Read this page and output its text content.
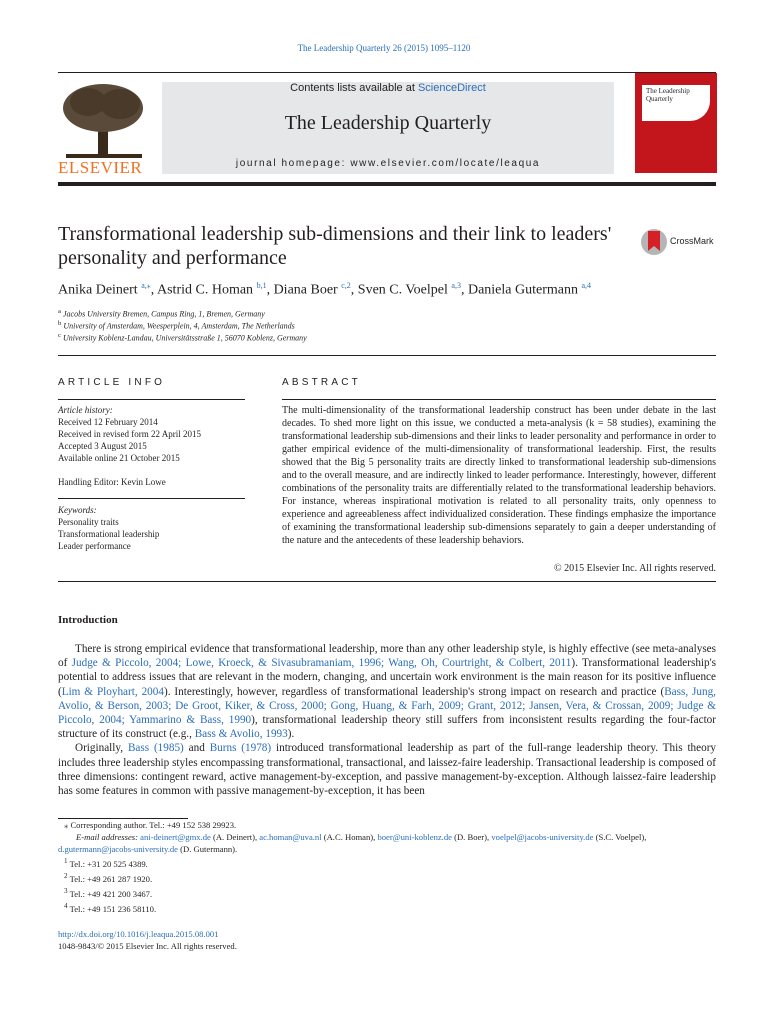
The Leadership Quarterly 26 (2015) 1095–1120
ELSEVIER
Contents lists available at ScienceDirect
The Leadership Quarterly
journal homepage: www.elsevier.com/locate/leaqua
The Leadership Quarterly
Transformational leadership sub-dimensions and their link to leaders' personality and performance
CrossMark
Anika Deinert $^{a,⁎}$, Astrid C. Homan $^{b,1}$, Diana Boer $^{c,2}$, Sven C. Voelpel $^{a,3}$, Daniela Gutermann $^{a,4}$
$^a$ Jacobs University Bremen, Campus Ring, 1, Bremen, Germany
$^b$ University of Amsterdam, Weesperplein, 4, Amsterdam, The Netherlands
$^c$ University Koblenz-Landau, Universitätsstraße 1, 56070 Koblenz, Germany
ARTICLE INFO	ABSTRACT
Article history:
Received 12 February 2014
Received in revised form 22 April 2015
Accepted 3 August 2015
Available online 21 October 2015
Handling Editor: Kevin Lowe
Keywords:
Personality traits
Transformational leadership
Leader performance
The multi-dimensionality of the transformational leadership construct has been under debate in the last decades. To shed more light on this issue, we conducted a meta-analysis (k = 58 studies), examining the transformational leadership sub-dimensions and their links to leader personality and performance in order to gather empirical evidence of the multi-dimensionality of transformational leadership. First, the results showed that the Big 5 personality traits are directly linked to transformational leadership sub-dimensions and to the overall measure, and are indirectly linked to leader performance. Interestingly, however, different combinations of the personality traits are differentially related to the transformational leadership behaviors. For instance, whereas inspirational motivation is related to all personality traits, only openness to experience and agreeableness affect individualized consideration. These findings emphasize the importance of examining the transformational leadership sub-dimensions separately to gain a deeper understanding of the nature and the antecedents of these leadership behaviors.
© 2015 Elsevier Inc. All rights reserved.
Introduction

There is strong empirical evidence that transformational leadership, more than any other leadership style, is highly effective (see meta-analyses of Judge & Piccolo, 2004; Lowe, Kroeck, & Sivasubramaniam, 1996; Wang, Oh, Courtright, & Colbert, 2011). Transformational leadership's potential to address issues that are relevant in the modern, changing, and uncertain work environment is the main reason for its positive influence (Lim & Ployhart, 2004). Interestingly, however, regardless of transformational leadership's strong impact on research and practice (Bass, Jung, Avolio, & Berson, 2003; De Groot, Kiker, & Cross, 2000; Gong, Huang, & Farh, 2009; Grant, 2012; Jansen, Vera, & Crossan, 2009; Judge & Piccolo, 2004; Yammarino & Bass, 1990), transformational leadership theory still suffers from inconsistent results regarding the four-factor structure of its construct (e.g., Bass & Avolio, 1993).

Originally, Bass (1985) and Burns (1978) introduced transformational leadership as part of the full-range leadership theory. This theory includes three leadership styles encompassing transformational, transactional, and laissez-faire leadership. Transactional leadership is composed of three dimensions: contingent reward, active management-by-exception, and passive management-by-exception. Although laissez-faire leadership has some features in common with passive management-by-exception, it has been

⁎ Corresponding author. Tel.: +49 152 538 29923.
E-mail addresses: ani-deinert@gmx.de (A. Deinert), ac.homan@uva.nl (A.C. Homan), boer@uni-koblenz.de (D. Boer), voelpel@jacobs-university.de (S.C. Voelpel), d.gutermann@jacobs-university.de (D. Gutermann).
$^1$ Tel.: +31 20 525 4389.
$^2$ Tel.: +49 261 287 1920.
$^3$ Tel.: +49 421 200 3467.
$^4$ Tel.: +49 151 236 58110.
http://dx.doi.org/10.1016/j.leaqua.2015.08.001
1048-9843/© 2015 Elsevier Inc. All rights reserved.
